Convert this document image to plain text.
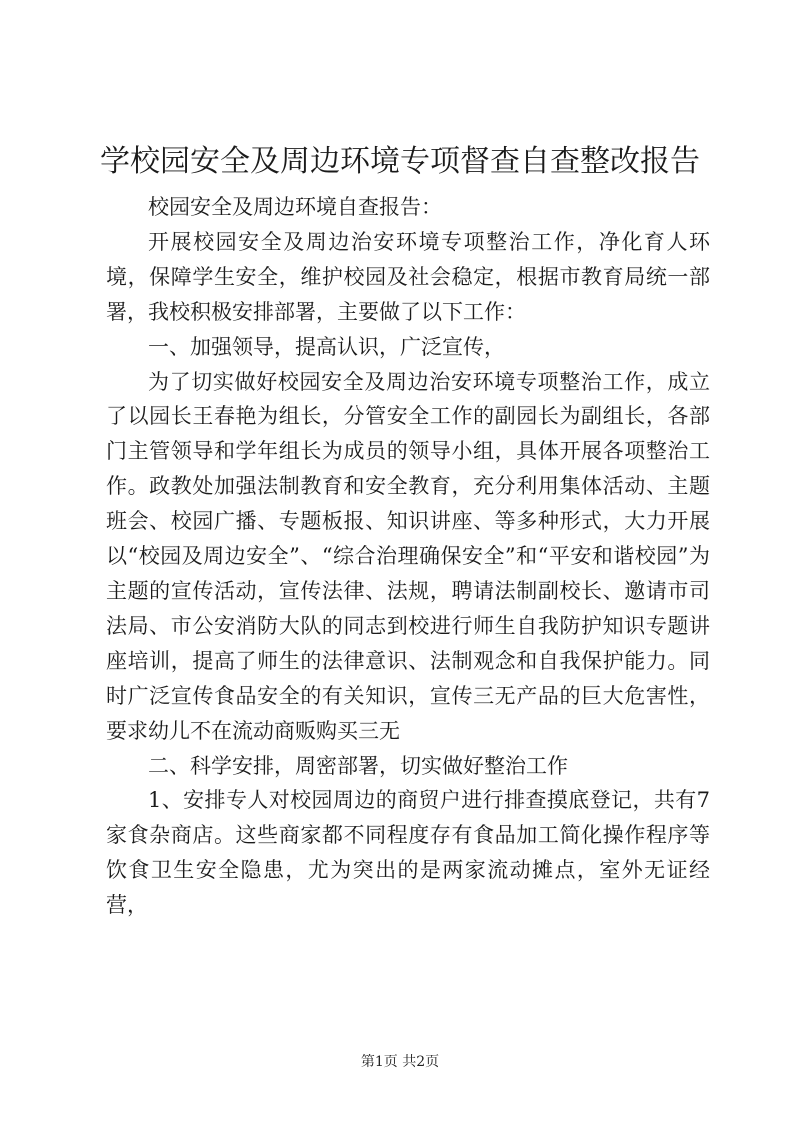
学校园安全及周边环境专项督查自查整改报告

校园安全及周边环境自查报告：

开展校园安全及周边治安环境专项整治工作，净化育人环境，保障学生安全，维护校园及社会稳定，根据市教育局统一部署，我校积极安排部署，主要做了以下工作：

一、加强领导，提高认识，广泛宣传，

为了切实做好校园安全及周边治安环境专项整治工作，成立了以园长王春艳为组长，分管安全工作的副园长为副组长，各部门主管领导和学年组长为成员的领导小组，具体开展各项整治工作。政教处加强法制教育和安全教育，充分利用集体活动、主题班会、校园广播、专题板报、知识讲座、等多种形式，大力开展以“校园及周边安全”、“综合治理确保安全”和“平安和谐校园”为主题的宣传活动，宣传法律、法规，聘请法制副校长、邀请市司法局、市公安消防大队的同志到校进行师生自我防护知识专题讲座培训，提高了师生的法律意识、法制观念和自我保护能力。同时广泛宣传食品安全的有关知识，宣传三无产品的巨大危害性，要求幼儿不在流动商贩购买三无

二、科学安排，周密部署，切实做好整治工作

1、安排专人对校园周边的商贸户进行排查摸底登记，共有7家食杂商店。这些商家都不同程度存有食品加工简化操作程序等饮食卫生安全隐患，尤为突出的是两家流动摊点，室外无证经营，

第1页 共2页
